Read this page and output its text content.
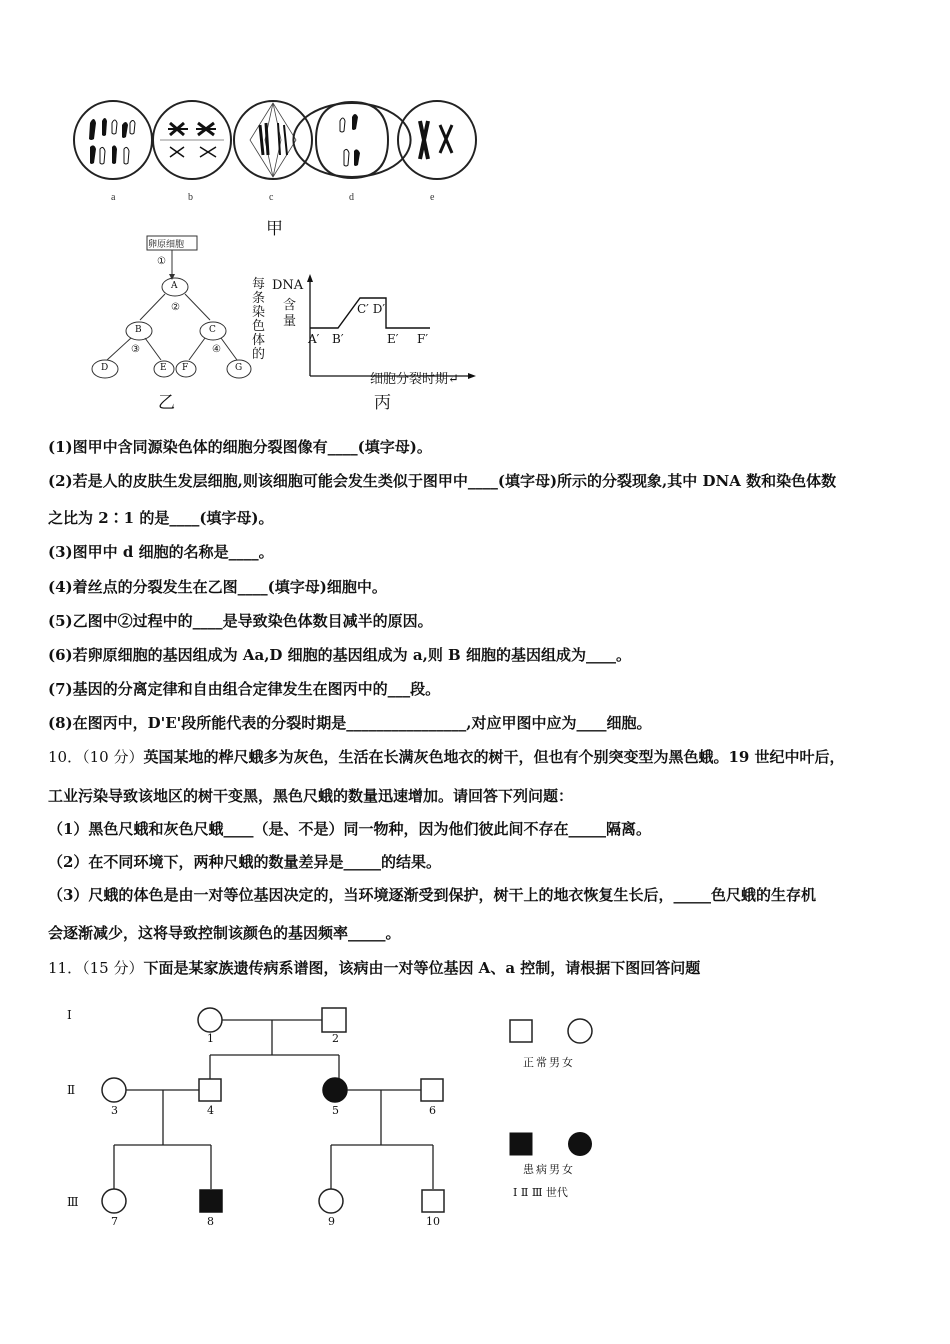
a	b	c	d	e
甲
卵原细胞
①
②
③	④
A
B	C
D	E F	G
乙
每
条
染
色
体
的
DNA
含
量
A′ B′
C′ D′
E′ F′
细胞分裂时期↵
丙
(1)图甲中含同源染色体的细胞分裂图像有____(填字母)。
(2)若是人的皮肤生发层细胞,则该细胞可能会发生类似于图甲中____(填字母)所示的分裂现象,其中 DNA 数和染色体数
之比为 2∶1 的是____(填字母)。
(3)图甲中 d 细胞的名称是____。
(4)着丝点的分裂发生在乙图____(填字母)细胞中。
(5)乙图中②过程中的____是导致染色体数目减半的原因。
(6)若卵原细胞的基因组成为 Aa,D 细胞的基因组成为 a,则 B 细胞的基因组成为____。
(7)基因的分离定律和自由组合定律发生在图丙中的___段。
(8)在图丙中，D'E'段所能代表的分裂时期是________________,对应甲图中应为____细胞。
10．（10 分）英国某地的桦尺蛾多为灰色，生活在长满灰色地衣的树干，但也有个别突变型为黑色蛾。19 世纪中叶后，
工业污染导致该地区的树干变黑，黑色尺蛾的数量迅速增加。请回答下列问题：
（1）黑色尺蛾和灰色尺蛾____（是、不是）同一物种，因为他们彼此间不存在_____隔离。
（2）在不同环境下，两种尺蛾的数量差异是_____的结果。
（3）尺蛾的体色是由一对等位基因决定的，当环境逐渐受到保护，树干上的地衣恢复生长后，_____色尺蛾的生存机
会逐渐减少，这将导致控制该颜色的基因频率_____。
11．（15 分）下面是某家族遗传病系谱图，该病由一对等位基因 A、a 控制，请根据下图回答问题
Ⅰ
Ⅱ
Ⅲ
1	2
3	4	5	6
7	8	9	10
正常男女
患病男女
Ⅰ Ⅱ Ⅲ 世代
